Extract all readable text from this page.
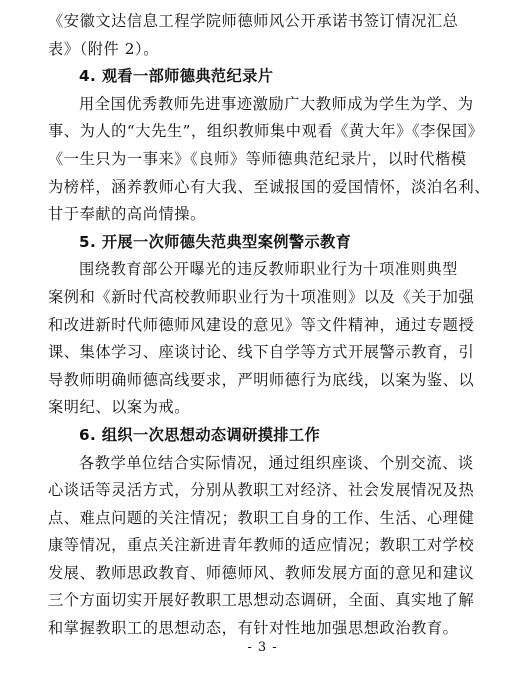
《安徽文达信息工程学院师德师风公开承诺书签订情况汇总
表》（附件 2）。
4. 观看一部师德典范纪录片
用全国优秀教师先进事迹激励广大教师成为学生为学、为
事、为人的“大先生”，组织教师集中观看《黄大年》《李保国》
《一生只为一事来》《良师》等师德典范纪录片，以时代楷模
为榜样，涵养教师心有大我、至诚报国的爱国情怀，淡泊名利、
甘于奉献的高尚情操。
5. 开展一次师德失范典型案例警示教育
围绕教育部公开曝光的违反教师职业行为十项准则典型
案例和《新时代高校教师职业行为十项准则》以及《关于加强
和改进新时代师德师风建设的意见》等文件精神，通过专题授
课、集体学习、座谈讨论、线下自学等方式开展警示教育，引
导教师明确师德高线要求，严明师德行为底线，以案为鉴、以
案明纪、以案为戒。
6. 组织一次思想动态调研摸排工作
各教学单位结合实际情况，通过组织座谈、个别交流、谈
心谈话等灵活方式，分别从教职工对经济、社会发展情况及热
点、难点问题的关注情况；教职工自身的工作、生活、心理健
康等情况，重点关注新进青年教师的适应情况；教职工对学校
发展、教师思政教育、师德师风、教师发展方面的意见和建议
三个方面切实开展好教职工思想动态调研，全面、真实地了解
和掌握教职工的思想动态，有针对性地加强思想政治教育。
- 3 -
